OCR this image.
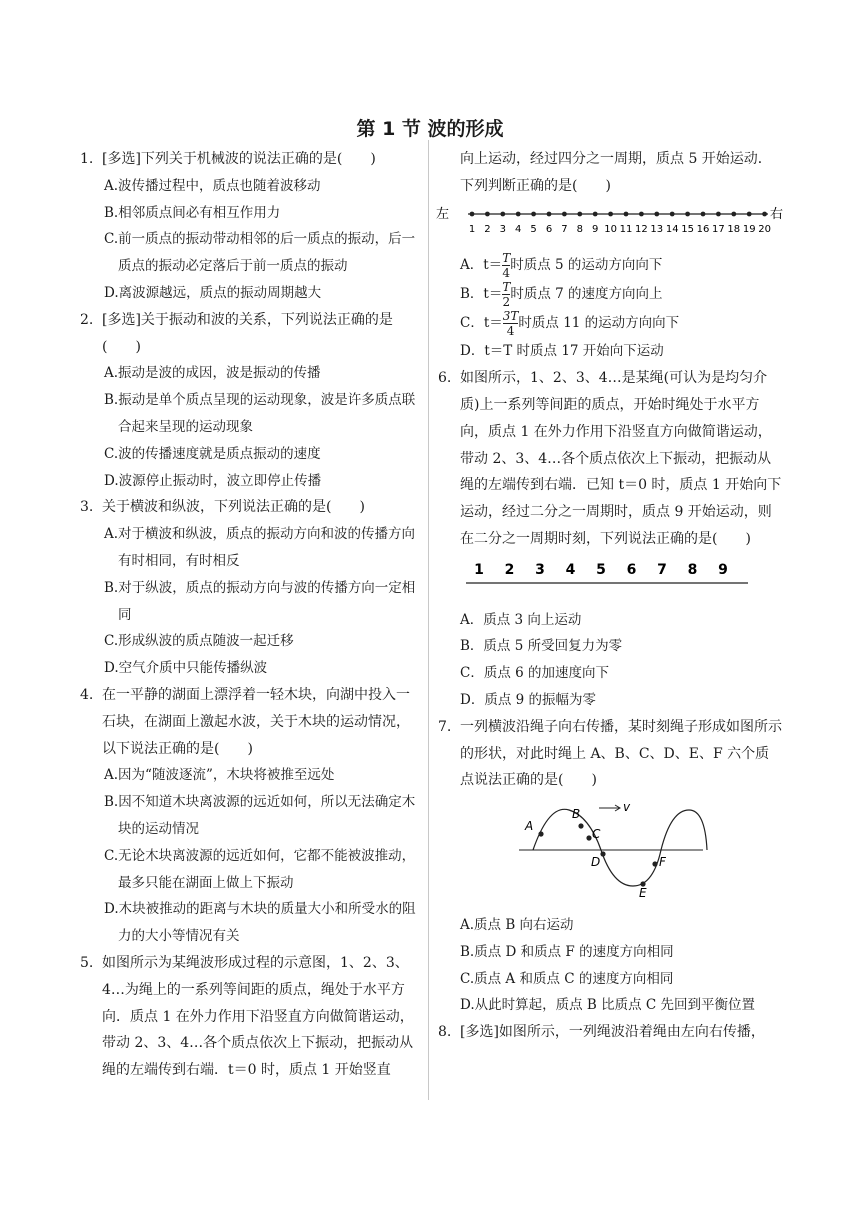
第 1 节 波的形成
1. [多选]下列关于机械波的说法正确的是(　　)
A.波传播过程中，质点也随着波移动
B.相邻质点间必有相互作用力
C.前一质点的振动带动相邻的后一质点的振动，后一质点的振动必定落后于前一质点的振动
D.离波源越远，质点的振动周期越大
2. [多选]关于振动和波的关系，下列说法正确的是(　　)
A.振动是波的成因，波是振动的传播
B.振动是单个质点呈现的运动现象，波是许多质点联合起来呈现的运动现象
C.波的传播速度就是质点振动的速度
D.波源停止振动时，波立即停止传播
3. 关于横波和纵波，下列说法正确的是(　　)
A.对于横波和纵波，质点的振动方向和波的传播方向有时相同，有时相反
B.对于纵波，质点的振动方向与波的传播方向一定相同
C.形成纵波的质点随波一起迁移
D.空气介质中只能传播纵波
4. 在一平静的湖面上漂浮着一轻木块，向湖中投入一石块，在湖面上激起水波，关于木块的运动情况，以下说法正确的是(　　)
A.因为“随波逐流”，木块将被推至远处
B.因不知道木块离波源的远近如何，所以无法确定木块的运动情况
C.无论木块离波源的远近如何，它都不能被波推动，最多只能在湖面上做上下振动
D.木块被推动的距离与木块的质量大小和所受水的阻力的大小等情况有关
5. 如图所示为某绳波形成过程的示意图，1、2、3、4…为绳上的一系列等间距的质点，绳处于水平方向．质点 1 在外力作用下沿竖直方向做简谐运动，带动 2、3、4…各个质点依次上下振动，把振动从绳的左端传到右端．t＝0 时，质点 1 开始竖直
向上运动，经过四分之一周期，质点 5 开始运动．下列判断正确的是(　　)
左	右
1 2 3 4 5 6 7 8 9 10 11 12 13 14 15 16 17 18 19 20
A．$t= \frac{T}{4}$ 时质点 5 的运动方向向下
B．$t= \frac{T}{2}$ 时质点 7 的速度方向向上
C．$t= \frac{3T}{4}$ 时质点 11 的运动方向向下
D．t＝T 时质点 17 开始向下运动
6. 如图所示，1、2、3、4…是某绳(可认为是均匀介质)上一系列等间距的质点，开始时绳处于水平方向，质点 1 在外力作用下沿竖直方向做简谐运动，带动 2、3、4…各个质点依次上下振动，把振动从绳的左端传到右端．已知 t＝0 时，质点 1 开始向下运动，经过二分之一周期时，质点 9 开始运动，则在二分之一周期时刻，下列说法正确的是(　　)
1 2 3 4 5 6 7 8 9
A．质点 3 向上运动
B．质点 5 所受回复力为零
C．质点 6 的加速度向下
D．质点 9 的振幅为零
7. 一列横波沿绳子向右传播，某时刻绳子形成如图所示的形状，对此时绳上 A、B、C、D、E、F 六个质点说法正确的是(　　)
A
B
C
D
E
F
v
A.质点 B 向右运动
B.质点 D 和质点 F 的速度方向相同
C.质点 A 和质点 C 的速度方向相同
D.从此时算起，质点 B 比质点 C 先回到平衡位置
8. [多选]如图所示，一列绳波沿着绳由左向右传播，
